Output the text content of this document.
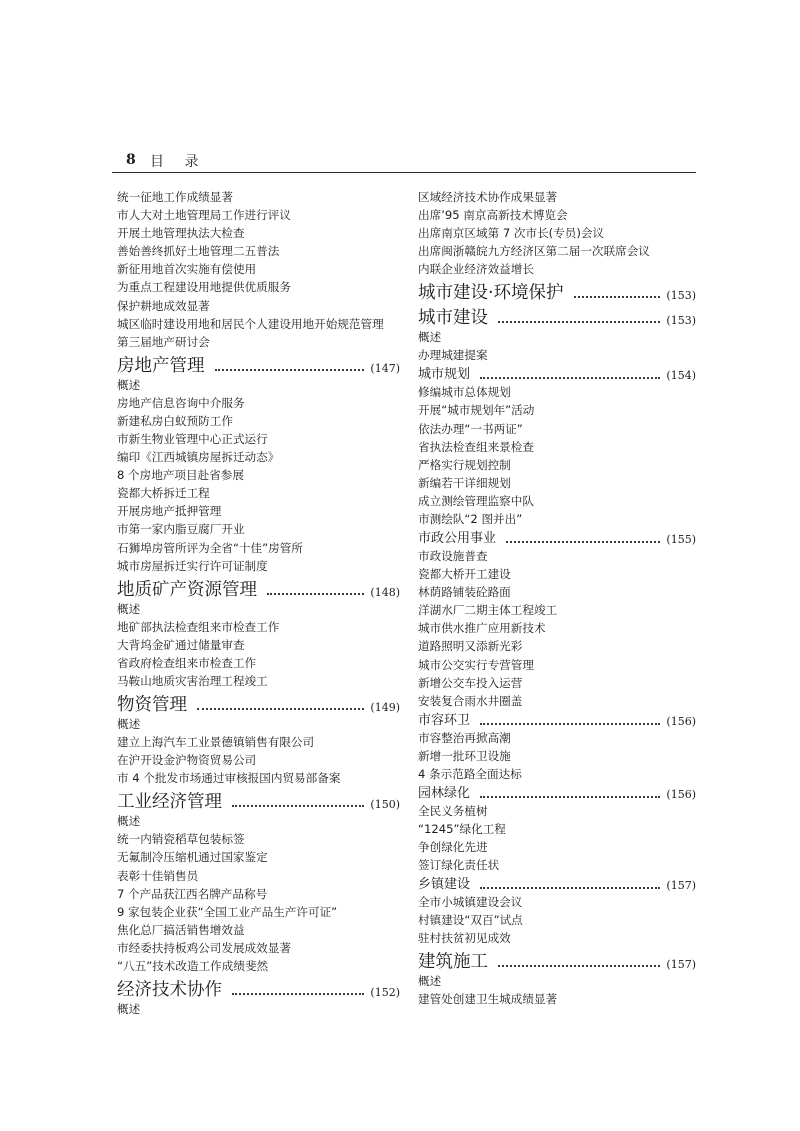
8 目 录
统一征地工作成绩显著
市人大对土地管理局工作进行评议
开展土地管理执法大检查
善始善终抓好土地管理二五普法
新征用地首次实施有偿使用
为重点工程建设用地提供优质服务
保护耕地成效显著
城区临时建设用地和居民个人建设用地开始规范管理
第三届地产研讨会
房地产管理	(147)
概述
房地产信息咨询中介服务
新建私房白蚁预防工作
市新生物业管理中心正式运行
编印《江西城镇房屋拆迁动态》
8 个房地产项目赴省参展
瓷都大桥拆迁工程
开展房地产抵押管理
市第一家内脂豆腐厂开业
石狮埠房管所评为全省“十佳”房管所
城市房屋拆迁实行许可证制度
地质矿产资源管理	(148)
概述
地矿部执法检查组来市检查工作
大背坞金矿通过储量审查
省政府检查组来市检查工作
马鞍山地质灾害治理工程竣工
物资管理	(149)
概述
建立上海汽车工业景德镇销售有限公司
在沪开设金沪物资贸易公司
市 4 个批发市场通过审核报国内贸易部备案
工业经济管理	(150)
概述
统一内销瓷稻草包装标签
无氟制冷压缩机通过国家鉴定
表彰十佳销售员
7 个产品获江西名牌产品称号
9 家包装企业获“全国工业产品生产许可证”
焦化总厂搞活销售增效益
市经委扶持板鸡公司发展成效显著
“八五”技术改造工作成绩斐然
经济技术协作	(152)
概述
区域经济技术协作成果显著
出席’95 南京高新技术博览会
出席南京区域第 7 次市长(专员)会议
出席闽浙赣皖九方经济区第二届一次联席会议
内联企业经济效益增长
城市建设·环境保护	(153)
城市建设	(153)
概述
办理城建提案
城市规划	(154)
修编城市总体规划
开展“城市规划年”活动
依法办理“一书两证”
省执法检查组来景检查
严格实行规划控制
新编若干详细规划
成立测绘管理监察中队
市测绘队“2 图并出”
市政公用事业	(155)
市政设施普查
瓷都大桥开工建设
林荫路铺装砼路面
洋湖水厂二期主体工程竣工
城市供水推广应用新技术
道路照明又添新光彩
城市公交实行专营管理
新增公交车投入运营
安装复合雨水井圈盖
市容环卫	(156)
市容整治再掀高潮
新增一批环卫设施
4 条示范路全面达标
园林绿化	(156)
全民义务植树
“1245”绿化工程
争创绿化先进
签订绿化责任状
乡镇建设	(157)
全市小城镇建设会议
村镇建设“双百”试点
驻村扶贫初见成效
建筑施工	(157)
概述
建管处创建卫生城成绩显著
